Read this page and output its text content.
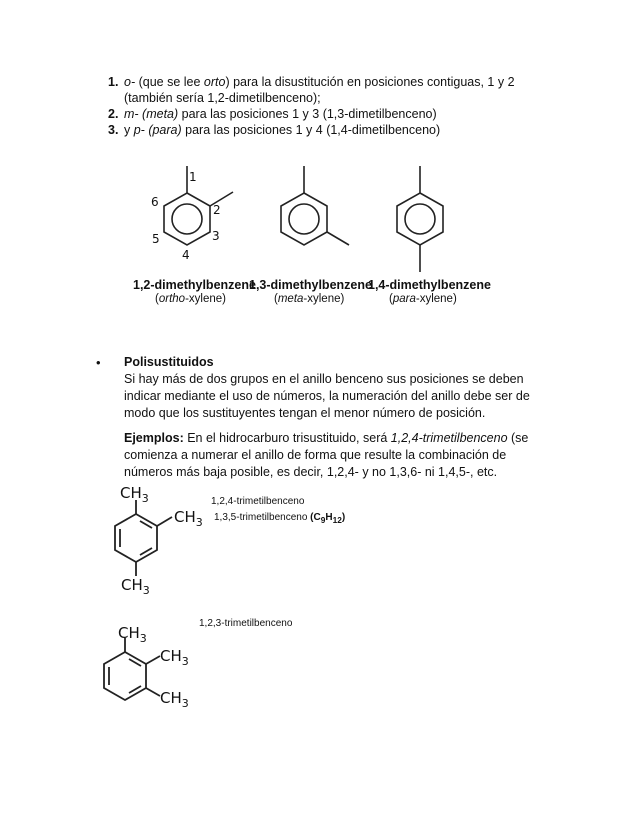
1. o- (que se lee orto) para la disustitución en posiciones contiguas, 1 y 2
(también sería 1,2-dimetilbenceno);
2. m- (meta) para las posiciones 1 y 3 (1,3-dimetilbenceno)
3. y p- (para) para las posiciones 1 y 4 (1,4-dimetilbenceno)
1
2
3
4
5
6
1,2-dimethylbenzene
(ortho-xylene)
1,3-dimethylbenzene
(meta-xylene)
1,4-dimethylbenzene
(para-xylene)
•	Polisustituidos
Si hay más de dos grupos en el anillo benceno sus posiciones se deben indicar mediante el uso de números, la numeración del anillo debe ser de modo que los sustituyentes tengan el menor número de posición.
Ejemplos: En el hidrocarburo trisustituido, será 1,2,4-trimetilbenceno (se comienza a numerar el anillo de forma que resulte la combinación de números más baja posible, es decir, 1,2,4- y no 1,3,6- ni 1,4,5-, etc.
$CH_3$
$CH_3$
$CH_3$
$CH_3$
$CH_3$
$CH_3$
1,2,4-trimetilbenceno
1,3,5-trimetilbenceno $(C_9H_{12})$
1,2,3-trimetilbenceno
